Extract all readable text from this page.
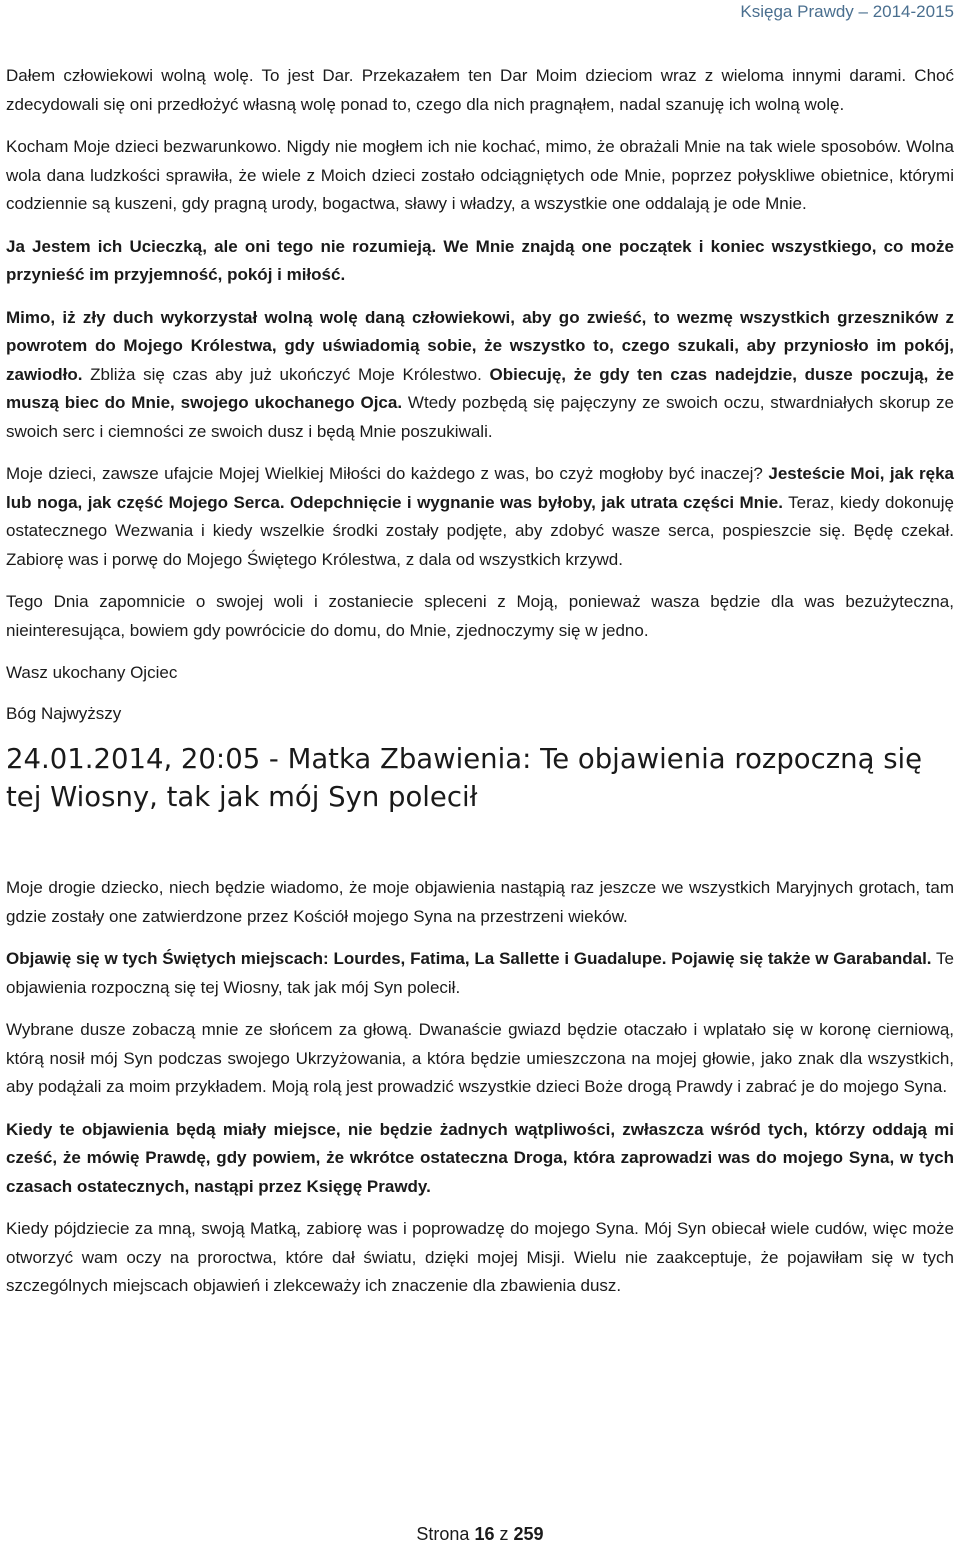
Księga Prawdy – 2014-2015

Dałem człowiekowi wolną wolę. To jest Dar. Przekazałem ten Dar Moim dzieciom wraz z wieloma innymi darami. Choć zdecydowali się oni przedłożyć własną wolę ponad to, czego dla nich pragnąłem, nadal szanuję ich wolną wolę.

Kocham Moje dzieci bezwarunkowo. Nigdy nie mogłem ich nie kochać, mimo, że obrażali Mnie na tak wiele sposobów. Wolna wola dana ludzkości sprawiła, że wiele z Moich dzieci zostało odciągniętych ode Mnie, poprzez połyskliwe obietnice, którymi codziennie są kuszeni, gdy pragną urody, bogactwa, sławy i władzy, a wszystkie one oddalają je ode Mnie.

Ja Jestem ich Ucieczką, ale oni tego nie rozumieją. We Mnie znajdą one początek i koniec wszystkiego, co może przynieść im przyjemność, pokój i miłość.

Mimo, iż zły duch wykorzystał wolną wolę daną człowiekowi, aby go zwieść, to wezmę wszystkich grzeszników z powrotem do Mojego Królestwa, gdy uświadomią sobie, że wszystko to, czego szukali, aby przyniosło im pokój, zawiodło. Zbliża się czas aby już ukończyć Moje Królestwo. Obiecuję, że gdy ten czas nadejdzie, dusze poczują, że muszą biec do Mnie, swojego ukochanego Ojca. Wtedy pozbędą się pajęczyny ze swoich oczu, stwardniałych skorup ze swoich serc i ciemności ze swoich dusz i będą Mnie poszukiwali.

Moje dzieci, zawsze ufajcie Mojej Wielkiej Miłości do każdego z was, bo czyż mogłoby być inaczej? Jesteście Moi, jak ręka lub noga, jak część Mojego Serca. Odepchnięcie i wygnanie was byłoby, jak utrata części Mnie. Teraz, kiedy dokonuję ostatecznego Wezwania i kiedy wszelkie środki zostały podjęte, aby zdobyć wasze serca, pospieszcie się. Będę czekał. Zabiorę was i porwę do Mojego Świętego Królestwa, z dala od wszystkich krzywd.

Tego Dnia zapomnicie o swojej woli i zostaniecie spleceni z Moją, ponieważ wasza będzie dla was bezużyteczna, nieinteresująca, bowiem gdy powrócicie do domu, do Mnie, zjednoczymy się w jedno.

Wasz ukochany Ojciec

Bóg Najwyższy

24.01.2014, 20:05 - Matka Zbawienia: Te objawienia rozpoczną się tej Wiosny, tak jak mój Syn polecił

Moje drogie dziecko, niech będzie wiadomo, że moje objawienia nastąpią raz jeszcze we wszystkich Maryjnych grotach, tam gdzie zostały one zatwierdzone przez Kościół mojego Syna na przestrzeni wieków.

Objawię się w tych Świętych miejscach: Lourdes, Fatima, La Sallette i Guadalupe. Pojawię się także w Garabandal. Te objawienia rozpoczną się tej Wiosny, tak jak mój Syn polecił.

Wybrane dusze zobaczą mnie ze słońcem za głową. Dwanaście gwiazd będzie otaczało i wplatało się w koronę cierniową, którą nosił mój Syn podczas swojego Ukrzyżowania, a która będzie umieszczona na mojej głowie, jako znak dla wszystkich, aby podążali za moim przykładem. Moją rolą jest prowadzić wszystkie dzieci Boże drogą Prawdy i zabrać je do mojego Syna.

Kiedy te objawienia będą miały miejsce, nie będzie żadnych wątpliwości, zwłaszcza wśród tych, którzy oddają mi cześć, że mówię Prawdę, gdy powiem, że wkrótce ostateczna Droga, która zaprowadzi was do mojego Syna, w tych czasach ostatecznych, nastąpi przez Księgę Prawdy.

Kiedy pójdziecie za mną, swoją Matką, zabiorę was i poprowadzę do mojego Syna. Mój Syn obiecał wiele cudów, więc może otworzyć wam oczy na proroctwa, które dał światu, dzięki mojej Misji. Wielu nie zaakceptuje, że pojawiłam się w tych szczególnych miejscach objawień i zlekceważy ich znaczenie dla zbawienia dusz.

Strona 16 z 259
